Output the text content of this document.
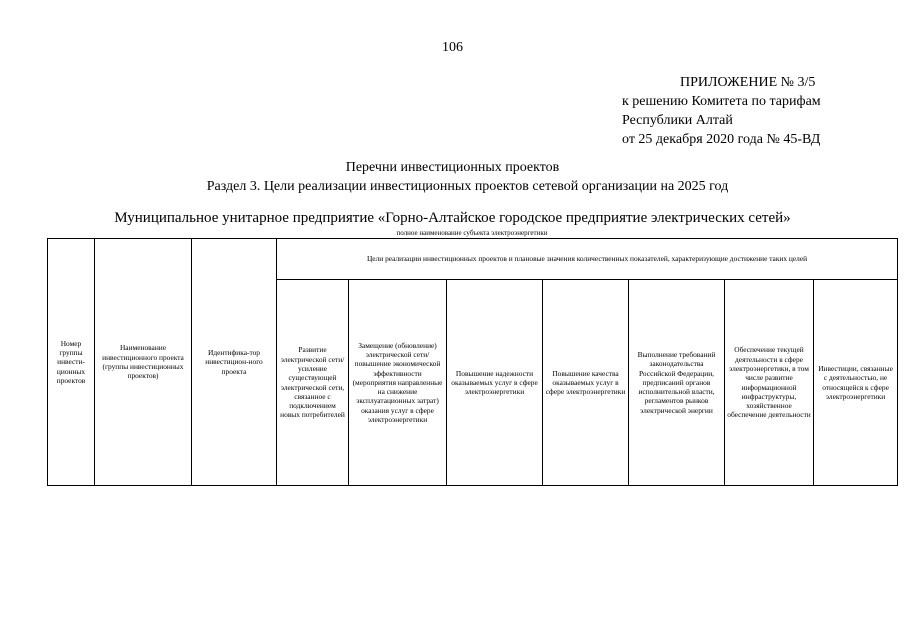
106
ПРИЛОЖЕНИЕ № 3/5
к решению Комитета по тарифам
Республики Алтай
от 25 декабря 2020 года № 45-ВД
Перечни инвестиционных проектов
Раздел 3. Цели реализации инвестиционных проектов сетевой организации на 2025 год
Муниципальное унитарное предприятие «Горно-Алтайское городское предприятие электрических сетей»
полное наименование субъекта электроэнергетики
Номер группы инвести-ционных проектов	Наименование инвестиционного проекта (группы инвестиционных проектов)	Идентифика-тор инвестицион-ного проекта	Цели реализации инвестиционных проектов и плановые значения количественных показателей, характеризующие достижение таких целей						
			Развитие электрической сети/усиление существующей электрической сети, связанное с подключением новых потребителей	Замещение (обновление) электрической сети/повышение экономической эффективности (мероприятия направленные на снижение эксплуатационных затрат) оказания услуг в сфере электроэнергетики	Повышение надежности оказываемых услуг в сфере электроэнергетики	Повышение качества оказываемых услуг в сфере электроэнергетики	Выполнение требований законодательства Российской Федерации, предписаний органов исполнительной власти, регламентов рынков электрической энергии	Обеспечение текущей деятельности в сфере электроэнергетики, в том числе развитие информационной инфраструктуры, хозяйственное обеспечение деятельности	Инвестиции, связанные с деятельностью, не относящейся к сфере электроэнергетики
